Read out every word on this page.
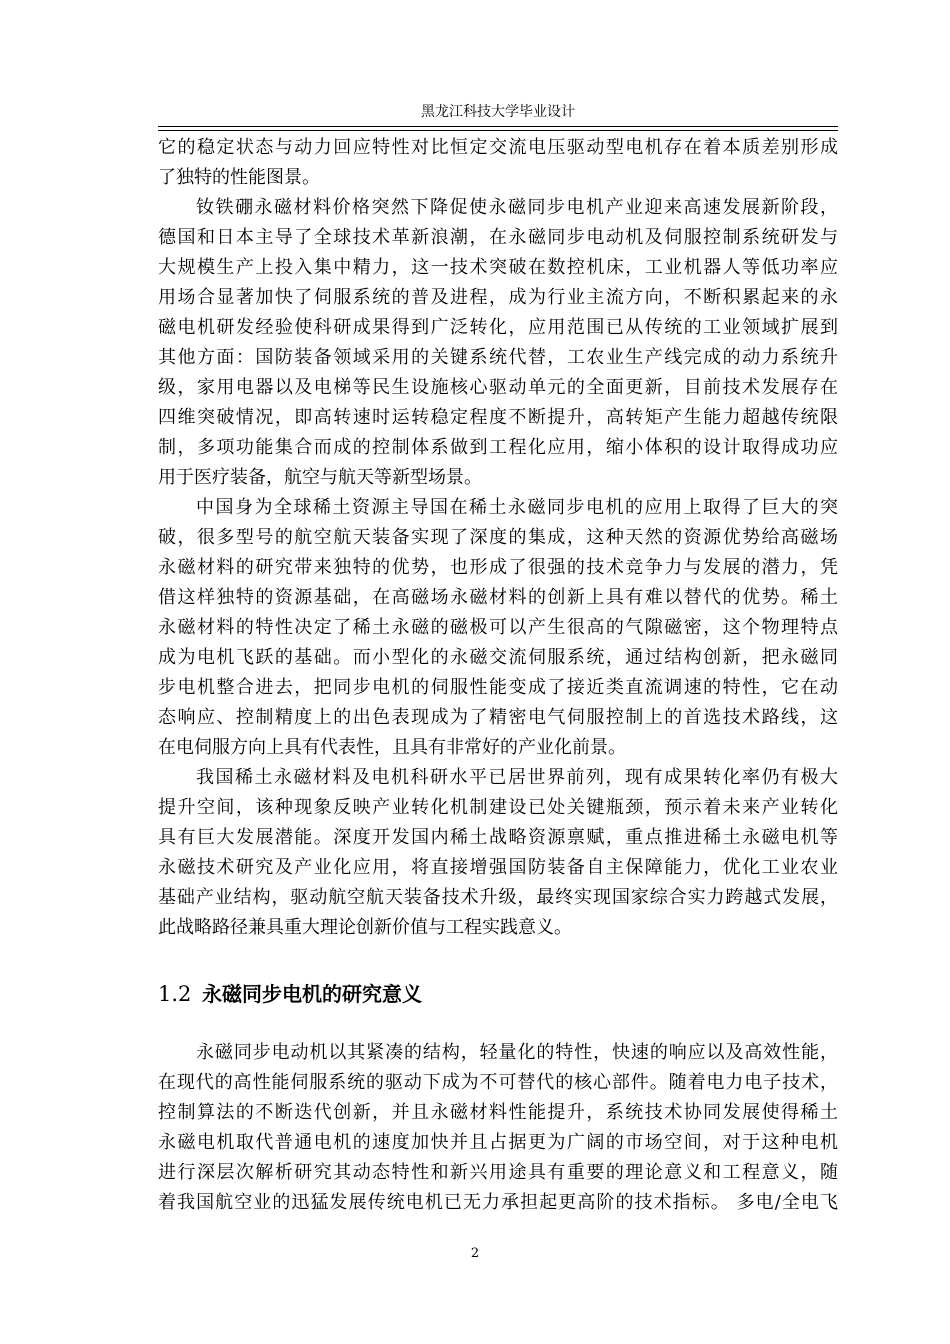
黑龙江科技大学毕业设计
它的稳定状态与动力回应特性对比恒定交流电压驱动型电机存在着本质差别形成
了独特的性能图景。
钕铁硼永磁材料价格突然下降促使永磁同步电机产业迎来高速发展新阶段，
德国和日本主导了全球技术革新浪潮，在永磁同步电动机及伺服控制系统研发与
大规模生产上投入集中精力，这一技术突破在数控机床，工业机器人等低功率应
用场合显著加快了伺服系统的普及进程，成为行业主流方向，不断积累起来的永
磁电机研发经验使科研成果得到广泛转化，应用范围已从传统的工业领域扩展到
其他方面：国防装备领域采用的关键系统代替，工农业生产线完成的动力系统升
级，家用电器以及电梯等民生设施核心驱动单元的全面更新，目前技术发展存在
四维突破情况，即高转速时运转稳定程度不断提升，高转矩产生能力超越传统限
制，多项功能集合而成的控制体系做到工程化应用，缩小体积的设计取得成功应
用于医疗装备，航空与航天等新型场景。
中国身为全球稀土资源主导国在稀土永磁同步电机的应用上取得了巨大的突
破，很多型号的航空航天装备实现了深度的集成，这种天然的资源优势给高磁场
永磁材料的研究带来独特的优势，也形成了很强的技术竞争力与发展的潜力，凭
借这样独特的资源基础，在高磁场永磁材料的创新上具有难以替代的优势。稀土
永磁材料的特性决定了稀土永磁的磁极可以产生很高的气隙磁密，这个物理特点
成为电机飞跃的基础。而小型化的永磁交流伺服系统，通过结构创新，把永磁同
步电机整合进去，把同步电机的伺服性能变成了接近类直流调速的特性，它在动
态响应、控制精度上的出色表现成为了精密电气伺服控制上的首选技术路线，这
在电伺服方向上具有代表性，且具有非常好的产业化前景。
我国稀土永磁材料及电机科研水平已居世界前列，现有成果转化率仍有极大
提升空间，该种现象反映产业转化机制建设已处关键瓶颈，预示着未来产业转化
具有巨大发展潜能。深度开发国内稀土战略资源禀赋，重点推进稀土永磁电机等
永磁技术研究及产业化应用，将直接增强国防装备自主保障能力，优化工业农业
基础产业结构，驱动航空航天装备技术升级，最终实现国家综合实力跨越式发展，
此战略路径兼具重大理论创新价值与工程实践意义。
1.2 永磁同步电机的研究意义
永磁同步电动机以其紧凑的结构，轻量化的特性，快速的响应以及高效性能，
在现代的高性能伺服系统的驱动下成为不可替代的核心部件。随着电力电子技术，
控制算法的不断迭代创新，并且永磁材料性能提升，系统技术协同发展使得稀土
永磁电机取代普通电机的速度加快并且占据更为广阔的市场空间，对于这种电机
进行深层次解析研究其动态特性和新兴用途具有重要的理论意义和工程意义，随
着我国航空业的迅猛发展传统电机已无力承担起更高阶的技术指标。 多电/全电飞
2
